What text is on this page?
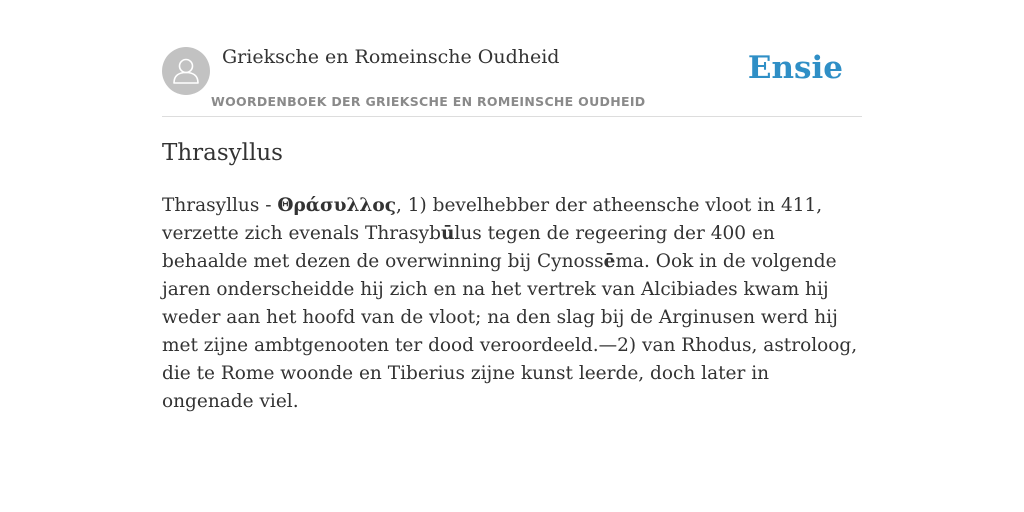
Grieksche en Romeinsche Oudheid
WOORDENBOEK DER GRIEKSCHE EN ROMEINSCHE OUDHEID
Ensie
Thrasyllus

Thrasyllus - Θράσυλλος, 1) bevelhebber der atheensche vloot in 411, verzette zich evenals Thrasybūlus tegen de regeering der 400 en behaalde met dezen de overwinning bij Cynossēma. Ook in de volgende jaren onderscheidde hij zich en na het vertrek van Alcibiades kwam hij weder aan het hoofd van de vloot; na den slag bij de Arginusen werd hij met zijne ambtgenooten ter dood veroordeeld.—2) van Rhodus, astroloog, die te Rome woonde en Tiberius zijne kunst leerde, doch later in ongenade viel.
